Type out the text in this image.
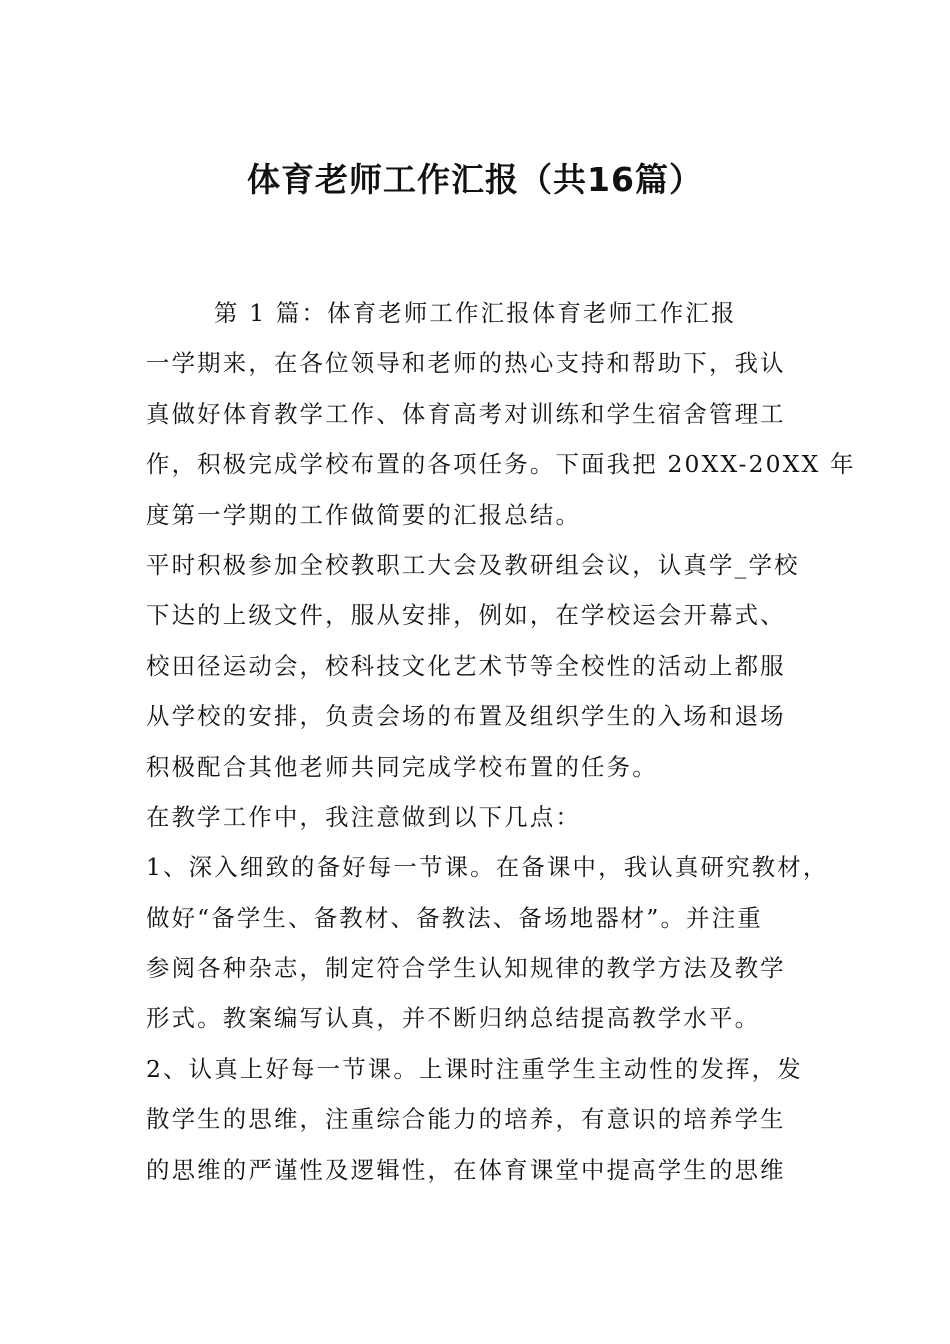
体育老师工作汇报（共16篇）

第 1 篇：体育老师工作汇报体育老师工作汇报

一学期来，在各位领导和老师的热心支持和帮助下，我认

真做好体育教学工作、体育高考对训练和学生宿舍管理工

作，积极完成学校布置的各项任务。下面我把 20XX-20XX 年

度第一学期的工作做简要的汇报总结。

平时积极参加全校教职工大会及教研组会议，认真学_学校

下达的上级文件，服从安排，例如，在学校运会开幕式、

校田径运动会，校科技文化艺术节等全校性的活动上都服

从学校的安排，负责会场的布置及组织学生的入场和退场

积极配合其他老师共同完成学校布置的任务。

在教学工作中，我注意做到以下几点：

1、深入细致的备好每一节课。在备课中，我认真研究教材，

做好“备学生、备教材、备教法、备场地器材”。并注重

参阅各种杂志，制定符合学生认知规律的教学方法及教学

形式。教案编写认真，并不断归纳总结提高教学水平。

2、认真上好每一节课。上课时注重学生主动性的发挥，发

散学生的思维，注重综合能力的培养，有意识的培养学生

的思维的严谨性及逻辑性，在体育课堂中提高学生的思维
